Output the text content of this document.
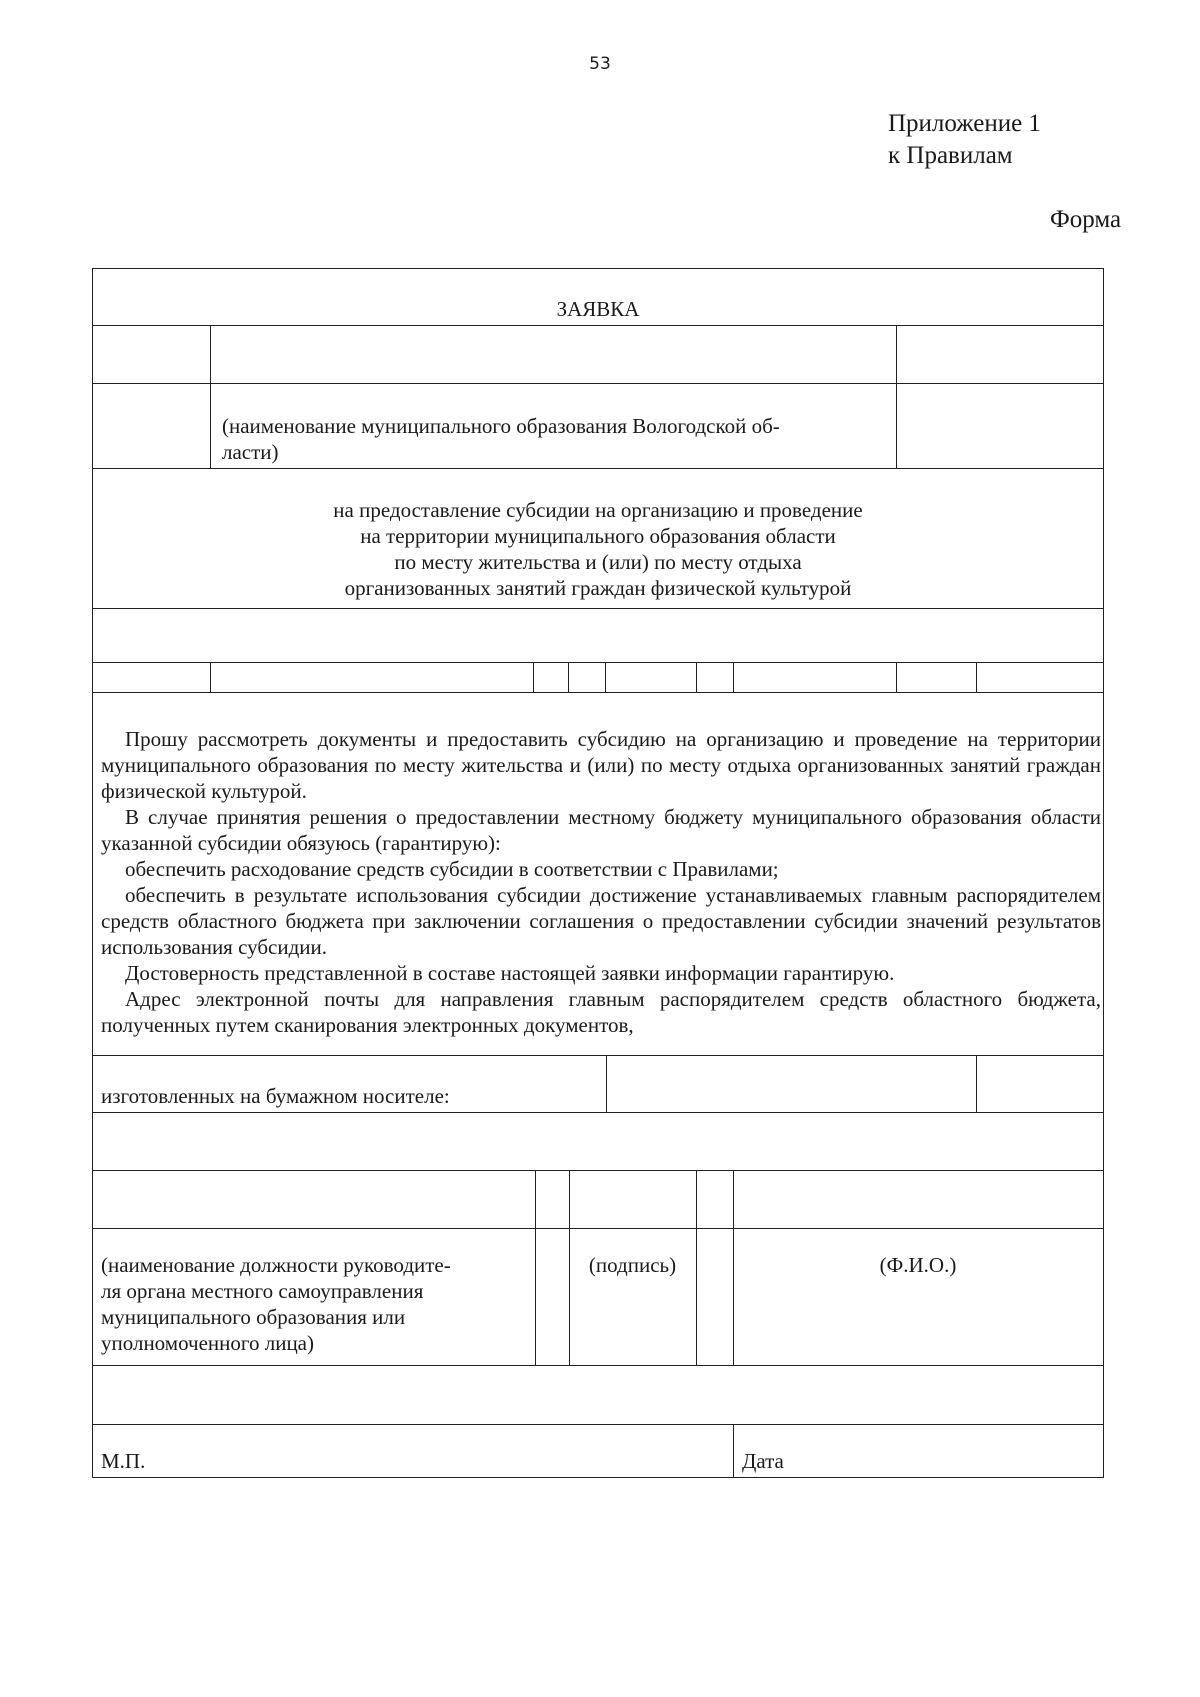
53
Приложение 1
к Правилам
Форма
ЗАЯВКА
(наименование муниципального образования Вологодской об-
ласти)
на предоставление субсидии на организацию и проведение
на территории муниципального образования области
по месту жительства и (или) по месту отдыха
организованных занятий граждан физической культурой

Прошу рассмотреть документы и предоставить субсидию на организацию и проведение на территории муниципального образования по месту жительства и (или) по месту отдыха организованных занятий граждан физической культурой.

В случае принятия решения о предоставлении местному бюджету муниципального образования области указанной субсидии обязуюсь (гарантирую):

обеспечить расходование средств субсидии в соответствии с Правилами;

обеспечить в результате использования субсидии достижение устанавливаемых главным распорядителем средств областного бюджета при заключении соглашения о предоставлении субсидии значений результатов использования субсидии.

Достоверность представленной в составе настоящей заявки информации гарантирую.

Адрес электронной почты для направления главным распорядителем средств областного бюджета, полученных путем сканирования электронных документов,

изготовленных на бумажном носителе:
(наименование должности руководите-
ля органа местного самоуправления
муниципального образования или
уполномоченного лица)
(подпись)	(Ф.И.О.)
М.П.	Дата
